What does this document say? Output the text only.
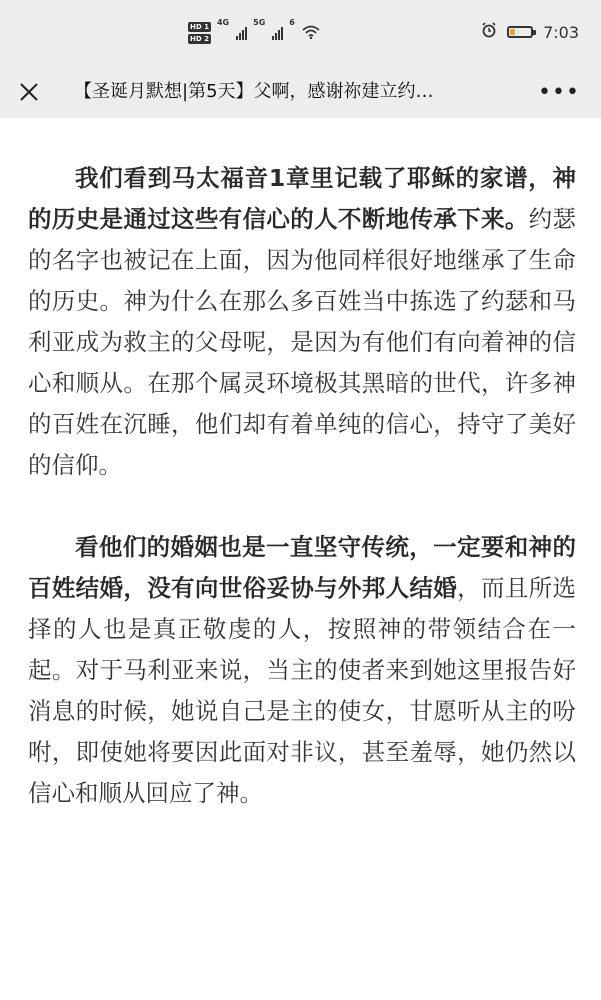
HD 1
HD 2
4G	5G	6	7:03
【圣诞月默想|第5天】父啊，感谢祢建立约…	•••

我们看到马太福音1章里记载了耶稣的家谱，神的历史是通过这些有信心的人不断地传承下来。约瑟的名字也被记在上面，因为他同样很好地继承了生命的历史。神为什么在那么多百姓当中拣选了约瑟和马利亚成为救主的父母呢，是因为有他们有向着神的信心和顺从。在那个属灵环境极其黑暗的世代，许多神的百姓在沉睡，他们却有着单纯的信心，持守了美好的信仰。

看他们的婚姻也是一直坚守传统，一定要和神的百姓结婚，没有向世俗妥协与外邦人结婚，而且所选择的人也是真正敬虔的人，按照神的带领结合在一起。对于马利亚来说，当主的使者来到她这里报告好消息的时候，她说自己是主的使女，甘愿听从主的吩咐，即使她将要因此面对非议，甚至羞辱，她仍然以信心和顺从回应了神。
